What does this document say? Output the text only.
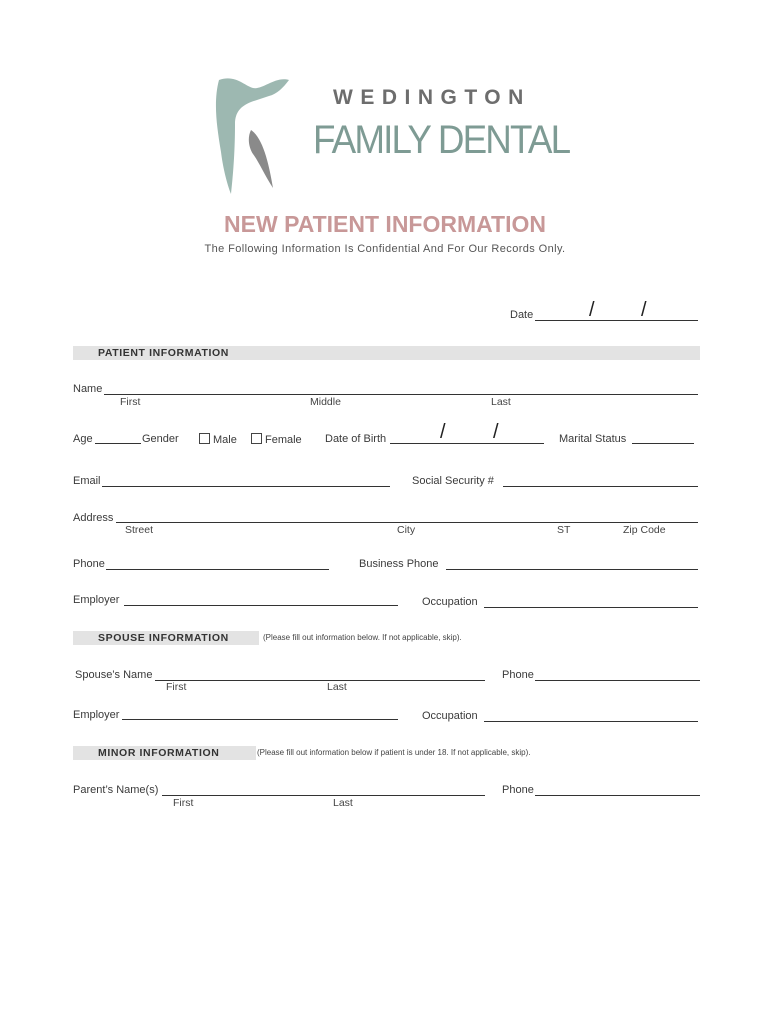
WEDINGTON
FAMILY DENTAL
NEW PATIENT INFORMATION
The Following Information Is Confidential And For Our Records Only.
Date	/ /
PATIENT INFORMATION
Name
First	Middle	Last
Age	Gender	Male	Female Date of Birth	/ /	Marital Status
Email	Social Security #
Address
Street	City	ST	Zip Code
Phone	Business Phone
Employer	Occupation
SPOUSE INFORMATION	(Please fill out information below. If not applicable, skip).
Spouse’s Name	Phone
First	Last
Employer	Occupation
MINOR INFORMATION	(Please fill out information below if patient is under 18. If not applicable, skip).
Parent’s Name(s)	Phone
First	Last
